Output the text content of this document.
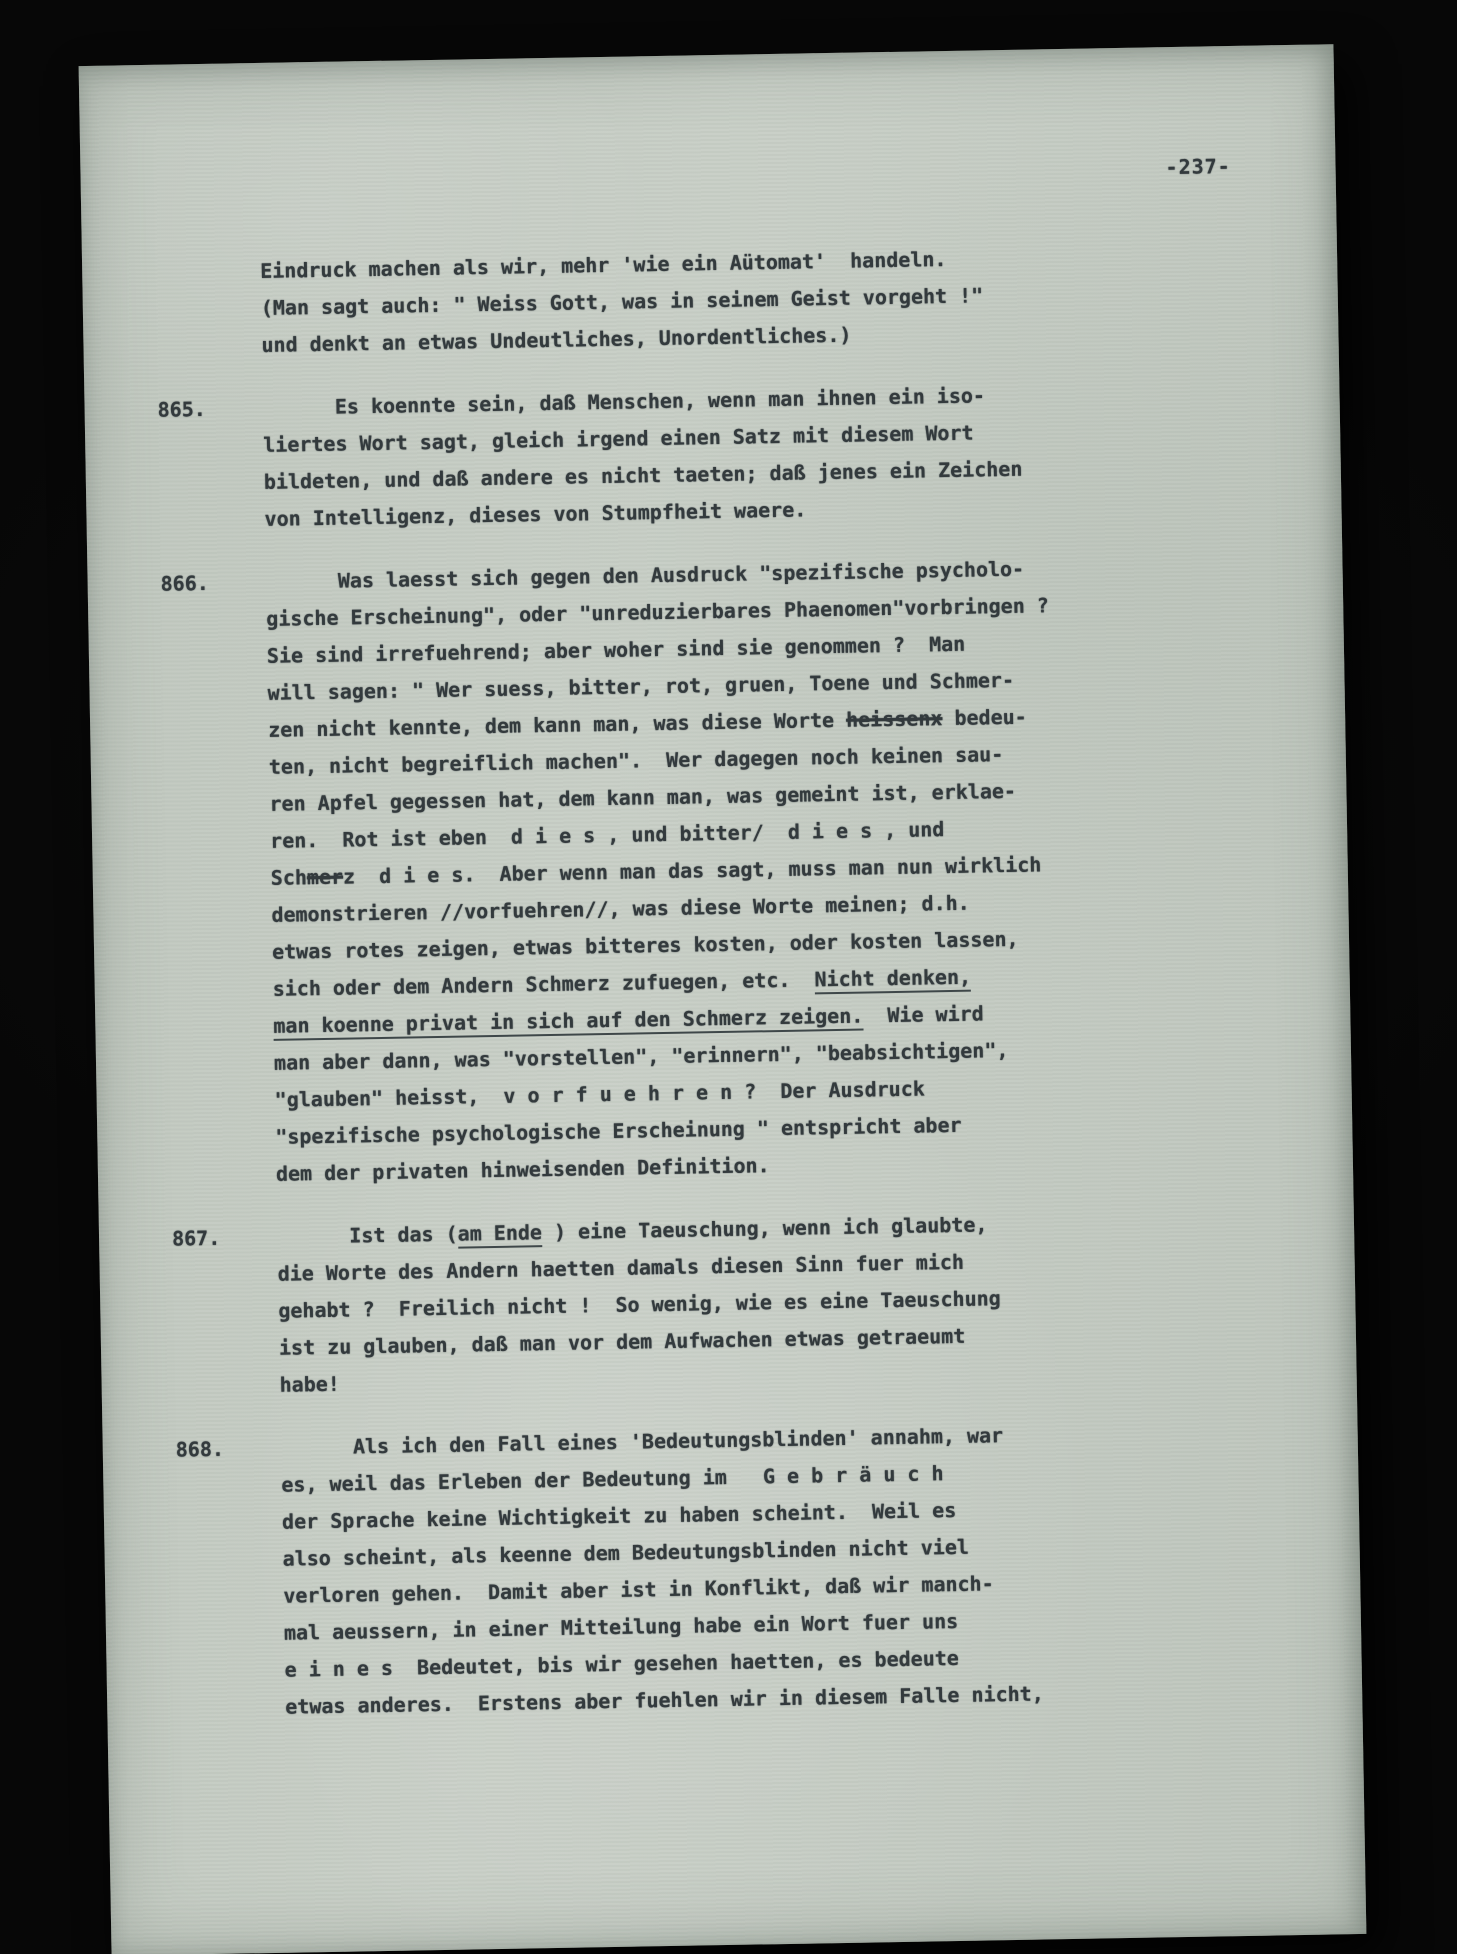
-237-
Eindruck machen als wir, mehr 'wie ein Aütomat'  handeln.
(Man sagt auch: " Weiss Gott, was in seinem Geist vorgeht !"
und denkt an etwas Undeutliches, Unordentliches.)
865.	Es koennte sein, daß Menschen, wenn man ihnen ein iso-
liertes Wort sagt, gleich irgend einen Satz mit diesem Wort
bildeten, und daß andere es nicht taeten; daß jenes ein Zeichen
von Intelligenz, dieses von Stumpfheit waere.
866.	Was laesst sich gegen den Ausdruck "spezifische psycholo-
gische Erscheinung", oder "unreduzierbares Phaenomen"vorbringen ?
Sie sind irrefuehrend; aber woher sind sie genommen ?  Man
will sagen: " Wer suess, bitter, rot, gruen, Toene und Schmer-
zen nicht kennte, dem kann man, was diese Worte heissenx bedeu-
ten, nicht begreiflich machen".  Wer dagegen noch keinen sau-
ren Apfel gegessen hat, dem kann man, was gemeint ist, erklae-
ren.  Rot ist eben  d i e s , und bitter/  d i e s , und
Schmerz  d i e s.  Aber wenn man das sagt, muss man nun wirklich
demonstrieren //vorfuehren//, was diese Worte meinen; d.h.
etwas rotes zeigen, etwas bitteres kosten, oder kosten lassen,
sich oder dem Andern Schmerz zufuegen, etc.  Nicht denken,
man koenne privat in sich auf den Schmerz zeigen.  Wie wird
man aber dann, was "vorstellen", "erinnern", "beabsichtigen",
"glauben" heisst,  v o r f u e h r e n ?  Der Ausdruck
"spezifische psychologische Erscheinung " entspricht aber
dem der privaten hinweisenden Definition.
867.	Ist das (am Ende ) eine Taeuschung, wenn ich glaubte,
die Worte des Andern haetten damals diesen Sinn fuer mich
gehabt ?  Freilich nicht !  So wenig, wie es eine Taeuschung
ist zu glauben, daß man vor dem Aufwachen etwas getraeumt
habe!
868.	Als ich den Fall eines 'Bedeutungsblinden' annahm, war
es, weil das Erleben der Bedeutung im   G e b r ä u c h
der Sprache keine Wichtigkeit zu haben scheint.  Weil es
also scheint, als keenne dem Bedeutungsblinden nicht viel
verloren gehen.  Damit aber ist in Konflikt, daß wir manch-
mal aeussern, in einer Mitteilung habe ein Wort fuer uns
e i n e s  Bedeutet, bis wir gesehen haetten, es bedeute
etwas anderes.  Erstens aber fuehlen wir in diesem Falle nicht,
